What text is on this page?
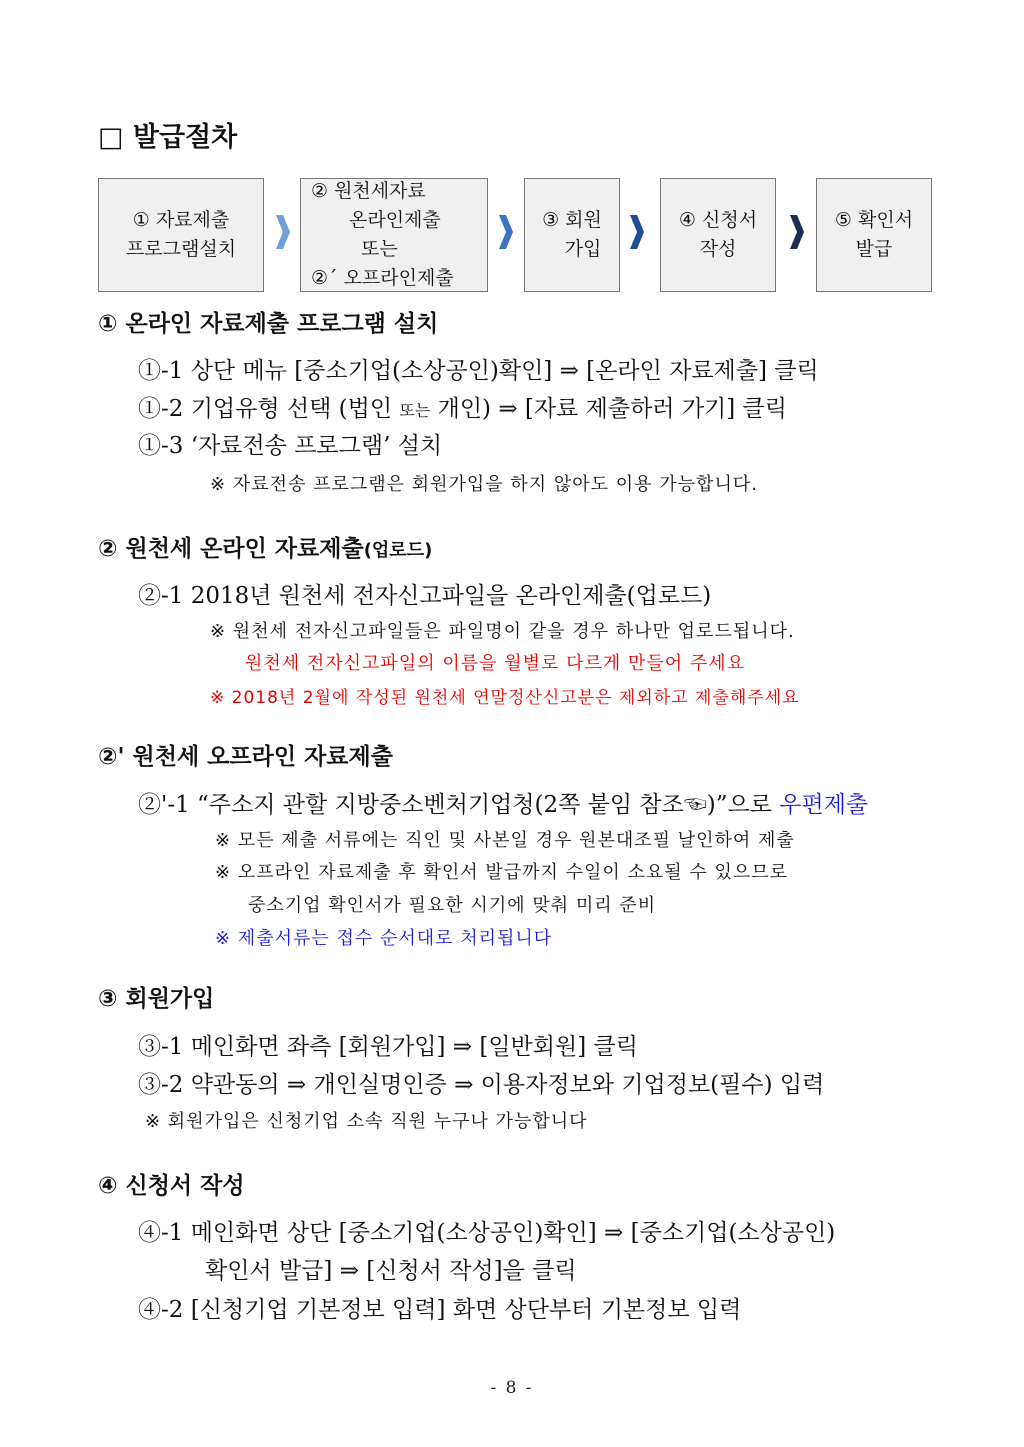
□ 발급절차
① 자료제출
프로그램설치
② 원천세자료
온라인제출
또는
②´ 오프라인제출
③ 회원
가입
④ 신청서
작성
⑤ 확인서
발급
① 온라인 자료제출 프로그램 설치
①-1 상단 메뉴 [중소기업(소상공인)확인] ⇒ [온라인 자료제출] 클릭
①-2 기업유형 선택 (법인 또는 개인) ⇒ [자료 제출하러 가기] 클릭
①-3 ‘자료전송 프로그램’ 설치
※ 자료전송 프로그램은 회원가입을 하지 않아도 이용 가능합니다.
② 원천세 온라인 자료제출(업로드)
②-1 2018년 원천세 전자신고파일을 온라인제출(업로드)
※ 원천세 전자신고파일들은 파일명이 같을 경우 하나만 업로드됩니다.
원천세 전자신고파일의 이름을 월별로 다르게 만들어 주세요
※ 2018년 2월에 작성된 원천세 연말정산신고분은 제외하고 제출해주세요
②' 원천세 오프라인 자료제출
②'-1 “주소지 관할 지방중소벤처기업청(2쪽 붙임 참조☜)”으로 우편제출
※ 모든 제출 서류에는 직인 및 사본일 경우 원본대조필 날인하여 제출
※ 오프라인 자료제출 후 확인서 발급까지 수일이 소요될 수 있으므로
중소기업 확인서가 필요한 시기에 맞춰 미리 준비
※ 제출서류는 접수 순서대로 처리됩니다
③ 회원가입
③-1 메인화면 좌측 [회원가입] ⇒ [일반회원] 클릭
③-2 약관동의 ⇒ 개인실명인증 ⇒ 이용자정보와 기업정보(필수) 입력
※ 회원가입은 신청기업 소속 직원 누구나 가능합니다
④ 신청서 작성
④-1 메인화면 상단 [중소기업(소상공인)확인] ⇒ [중소기업(소상공인)
확인서 발급] ⇒ [신청서 작성]을 클릭
④-2 [신청기업 기본정보 입력] 화면 상단부터 기본정보 입력
- 8 -
